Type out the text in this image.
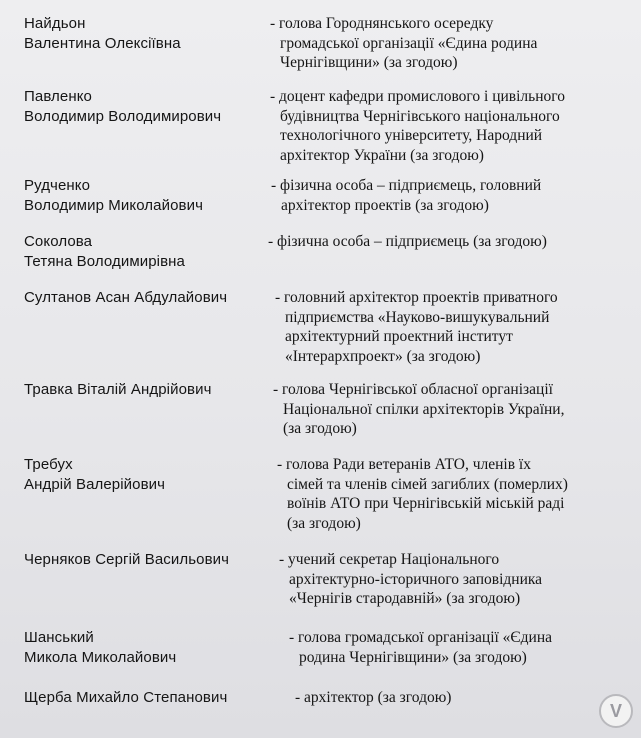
Найдьон
Валентина Олексіївна
- голова Городнянського осередку
громадської організації «Єдина родина
Чернігівщини» (за згодою)
Павленко
Володимир Володимирович
- доцент кафедри промислового і цивільного
будівництва Чернігівського національного
технологічного університету, Народний
архітектор України (за згодою)
Рудченко
Володимир Миколайович
- фізична особа – підприємець, головний
архітектор проектів (за згодою)
Соколова
Тетяна Володимирівна
- фізична особа – підприємець (за згодою)
Султанов Асан Абдулайович	- головний архітектор проектів приватного
підприємства «Науково-вишукувальний
архітектурний проектний інститут
«Інтерархпроект» (за згодою)
Травка Віталій Андрійович	- голова Чернігівської обласної організації
Національної спілки архітекторів України,
(за згодою)
Требух
Андрій Валерійович
- голова Ради ветеранів АТО, членів їх
сімей та членів сімей загиблих (померлих)
воїнів АТО при Чернігівській міській раді
(за згодою)
Черняков Сергій Васильович	- учений секретар Національного
архітектурно-історичного заповідника
«Чернігів стародавній» (за згодою)
Шанський
Микола Миколайович
- голова громадської організації «Єдина
родина Чернігівщини» (за згодою)
Щерба Михайло Степанович	- архітектор (за згодою)
V
